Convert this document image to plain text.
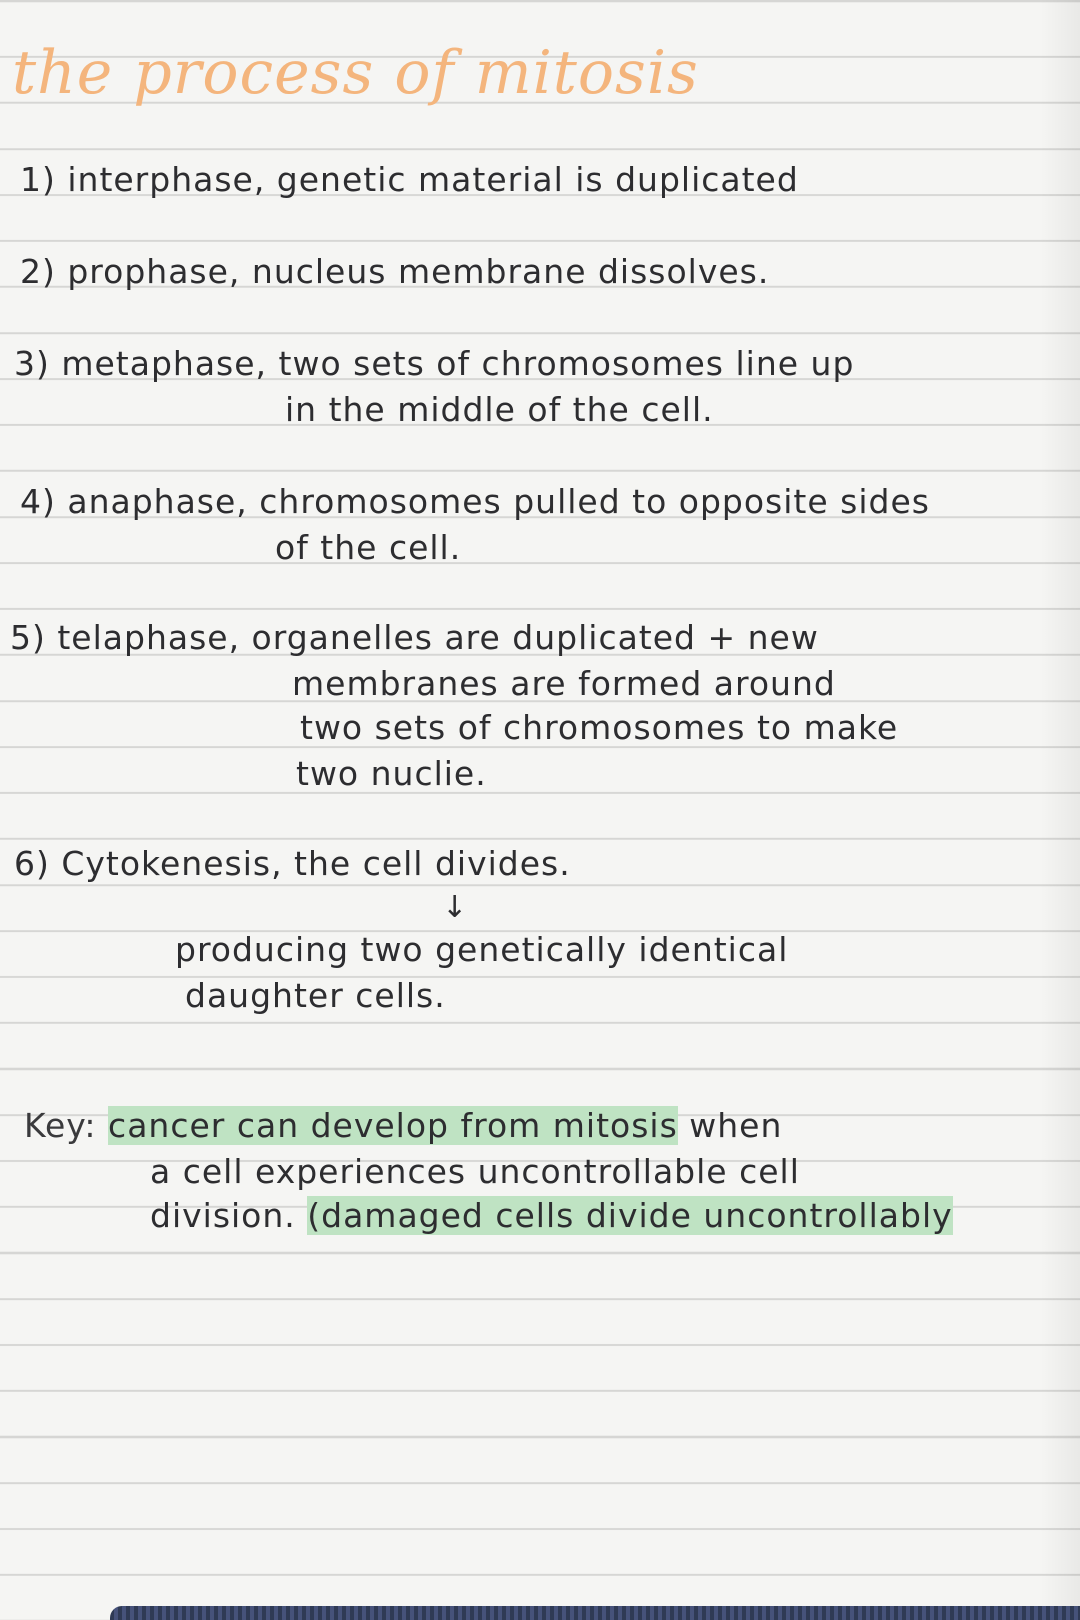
the process of mitosis

1) interphase, genetic material is duplicated

2) prophase, nucleus membrane dissolves.

3) metaphase, two sets of chromosomes line up

in the middle of the cell.

4) anaphase, chromosomes pulled to opposite sides

of the cell.

5) telaphase, organelles are duplicated + new

membranes are formed around

two sets of chromosomes to make

two nuclie.

6) Cytokenesis, the cell divides.

↓

producing two genetically identical

daughter cells.

Key: cancer can develop from mitosis when

a cell experiences uncontrollable cell

division. (damaged cells divide uncontrollably
